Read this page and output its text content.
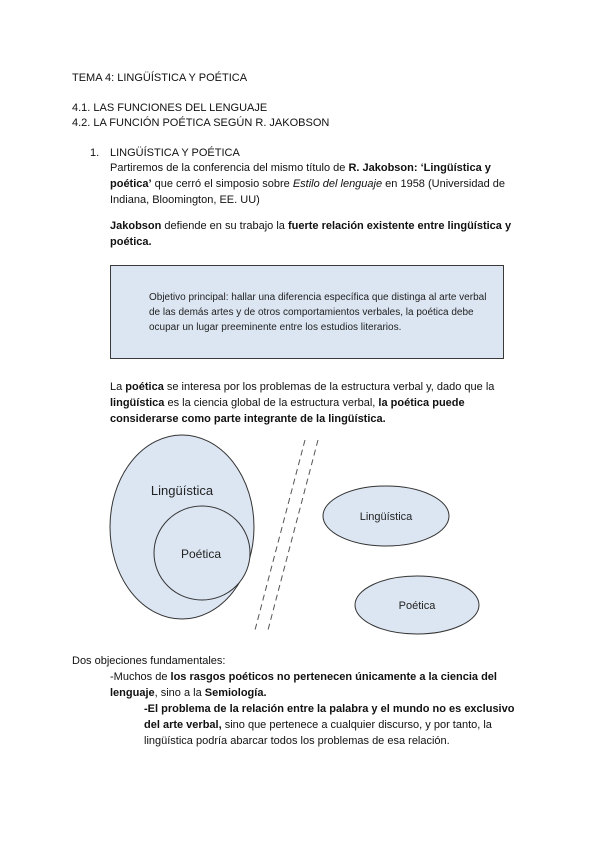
TEMA 4: LINGÜÍSTICA Y POÉTICA
4.1. LAS FUNCIONES DEL LENGUAJE
4.2. LA FUNCIÓN POÉTICA SEGÚN R. JAKOBSON
1. LINGÜÍSTICA Y POÉTICA
Partiremos de la conferencia del mismo título de R. Jakobson: ‘Lingüística y
poética’ que cerró el simposio sobre Estilo del lenguaje en 1958 (Universidad de
Indiana, Bloomington, EE. UU)
Jakobson defiende en su trabajo la fuerte relación existente entre lingüística y
poética.
Objetivo principal: hallar una diferencia específica que distinga al arte verbal
de las demás artes y de otros comportamientos verbales, la poética debe
ocupar un lugar preeminente entre los estudios literarios.
La poética se interesa por los problemas de la estructura verbal y, dado que la
lingüística es la ciencia global de la estructura verbal, la poética puede
considerarse como parte integrante de la lingüística.
Lingüística
Poética
Lingüística
Poética
Dos objeciones fundamentales:
-Muchos de los rasgos poéticos no pertenecen únicamente a la ciencia del
lenguaje, sino a la Semiología.
-El problema de la relación entre la palabra y el mundo no es exclusivo
del arte verbal, sino que pertenece a cualquier discurso, y por tanto, la
lingüística podría abarcar todos los problemas de esa relación.
